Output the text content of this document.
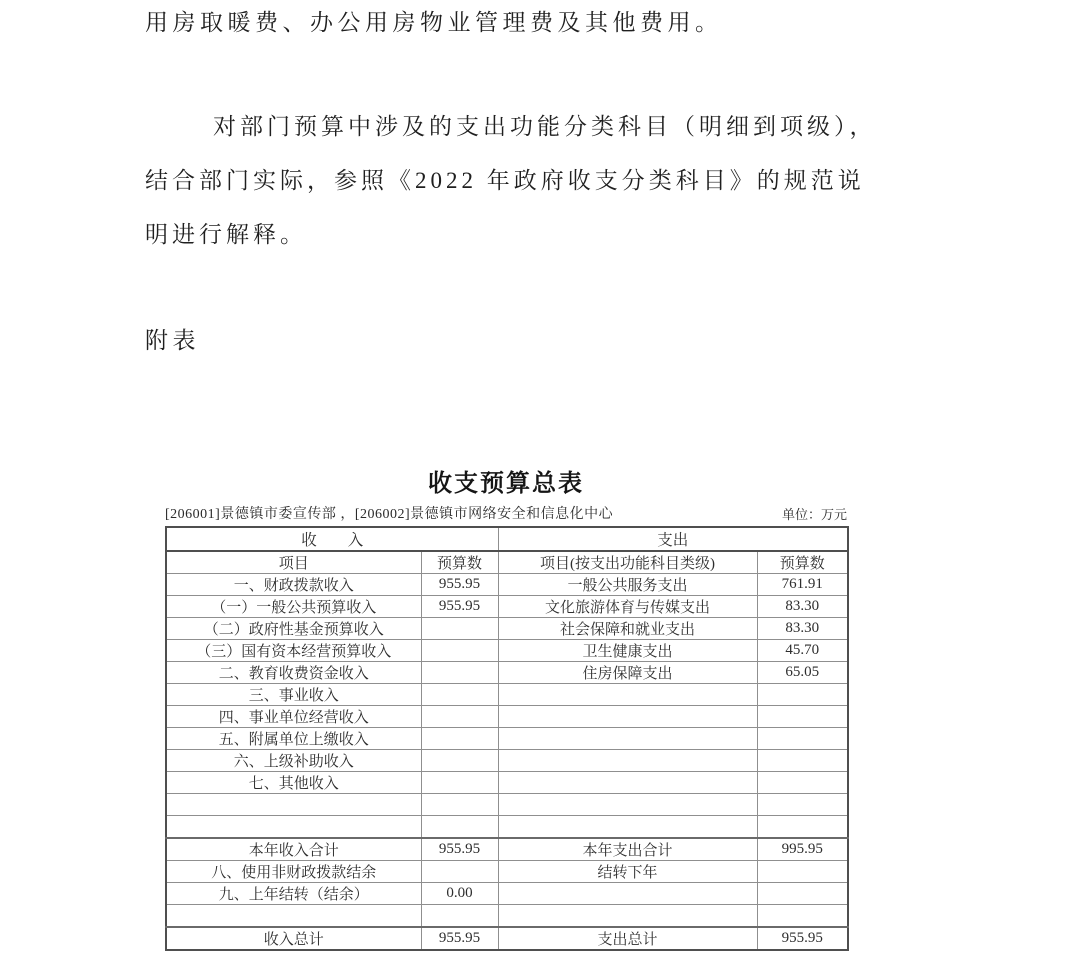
用房取暖费、办公用房物业管理费及其他费用。
对部门预算中涉及的支出功能分类科目（明细到项级），
结合部门实际，参照《2022 年政府收支分类科目》的规范说
明进行解释。
附表
收支预算总表
[206001]景德镇市委宣传部 ，[206002]景德镇市网络安全和信息化中心	单位：万元
收　　入		支出	
项目	预算数	项目(按支出功能科目类级)	预算数
一、财政拨款收入	955.95	一般公共服务支出	761.91
（一）一般公共预算收入	955.95	文化旅游体育与传媒支出	83.30
（二）政府性基金预算收入		社会保障和就业支出	83.30
（三）国有资本经营预算收入		卫生健康支出	45.70
二、教育收费资金收入		住房保障支出	65.05
三、事业收入			
四、事业单位经营收入			
五、附属单位上缴收入			
六、上级补助收入			
七、其他收入			

本年收入合计	955.95	本年支出合计	995.95
八、使用非财政拨款结余		结转下年	
九、上年结转（结余）	0.00		

收入总计	955.95	支出总计	955.95
